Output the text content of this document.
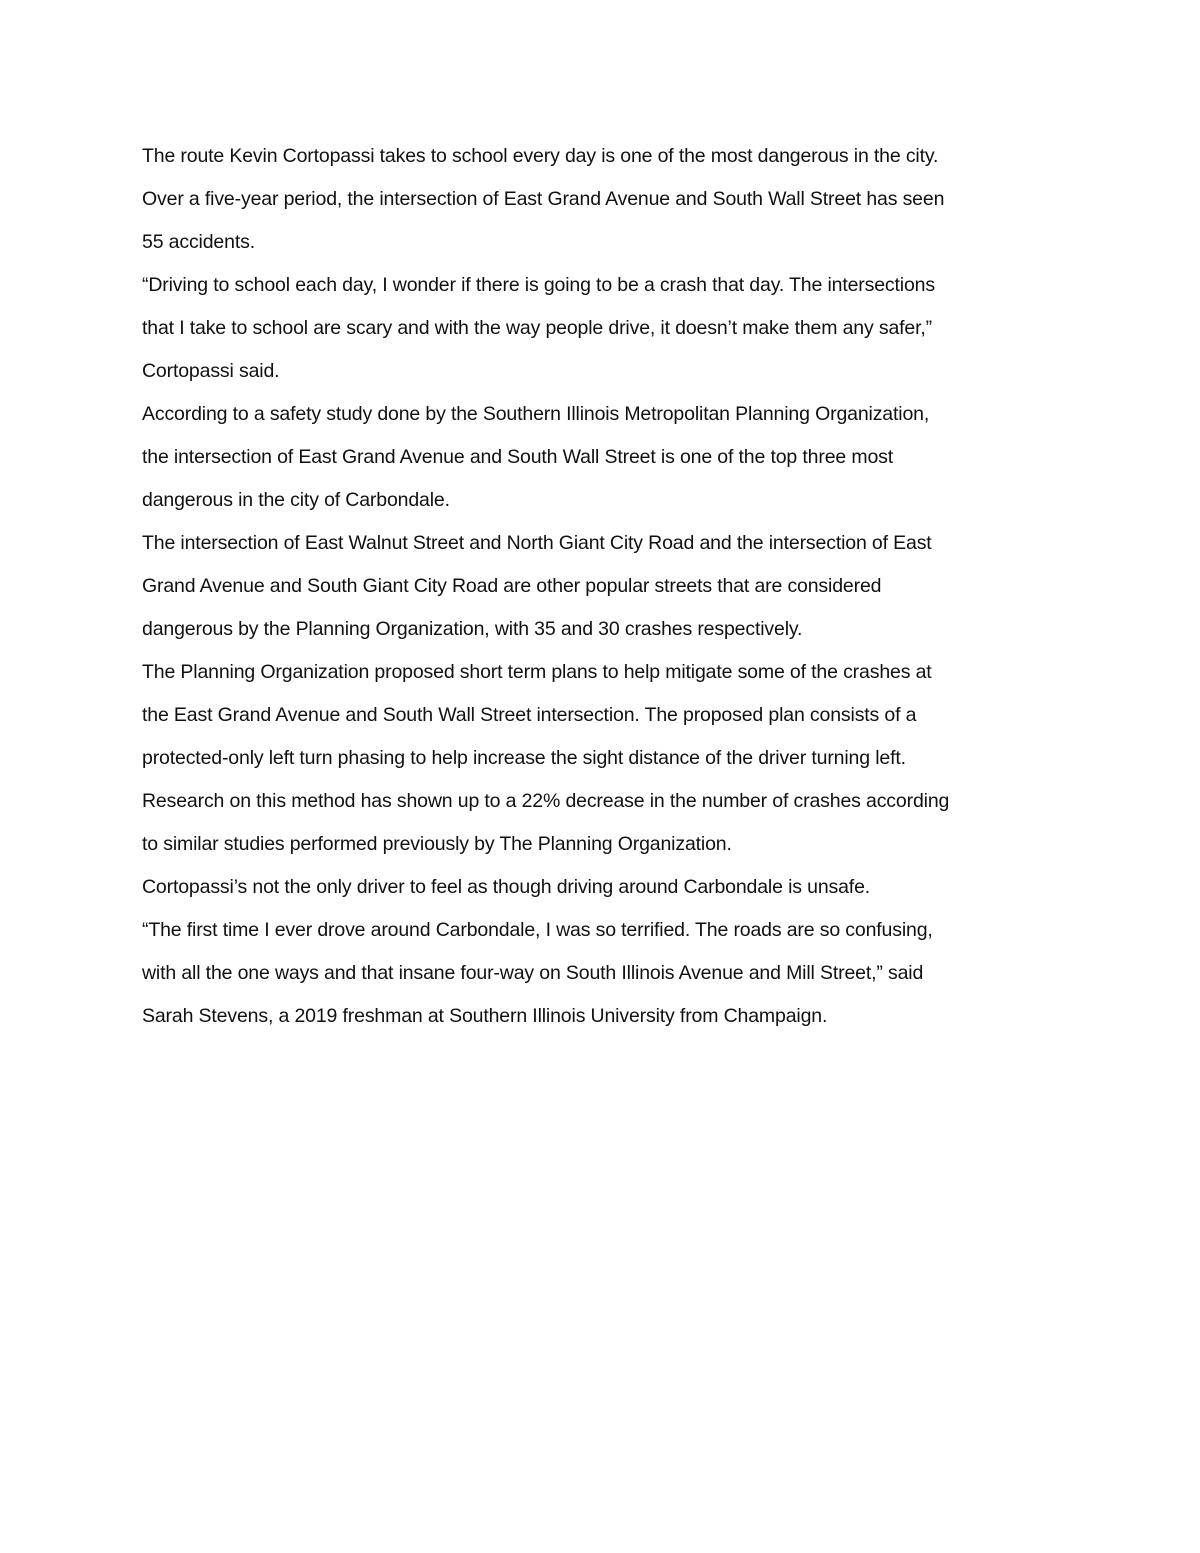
The route Kevin Cortopassi takes to school every day is one of the most dangerous in the city.
Over a five-year period, the intersection of East Grand Avenue and South Wall Street has seen
55 accidents.
“Driving to school each day, I wonder if there is going to be a crash that day. The intersections
that I take to school are scary and with the way people drive, it doesn’t make them any safer,”
Cortopassi said.
According to a safety study done by the Southern Illinois Metropolitan Planning Organization,
the intersection of East Grand Avenue and South Wall Street is one of the top three most
dangerous in the city of Carbondale.
The intersection of East Walnut Street and North Giant City Road and the intersection of East
Grand Avenue and South Giant City Road are other popular streets that are considered
dangerous by the Planning Organization, with 35 and 30 crashes respectively.
The Planning Organization proposed short term plans to help mitigate some of the crashes at
the East Grand Avenue and South Wall Street intersection. The proposed plan consists of a
protected-only left turn phasing to help increase the sight distance of the driver turning left.
Research on this method has shown up to a 22% decrease in the number of crashes according
to similar studies performed previously by The Planning Organization.
Cortopassi’s not the only driver to feel as though driving around Carbondale is unsafe.
“The first time I ever drove around Carbondale, I was so terrified. The roads are so confusing,
with all the one ways and that insane four-way on South Illinois Avenue and Mill Street,” said
Sarah Stevens, a 2019 freshman at Southern Illinois University from Champaign.
